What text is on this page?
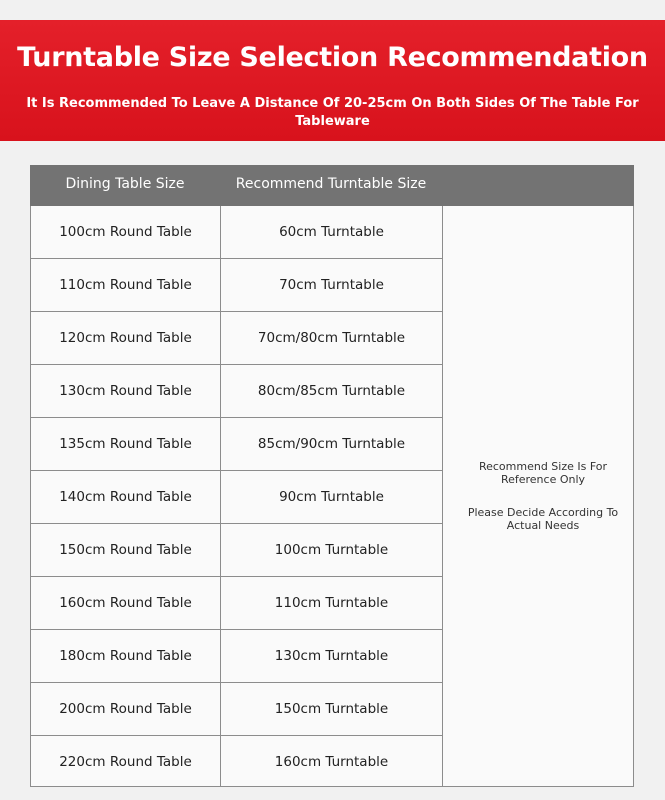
Turntable Size Selection Recommendation
It Is Recommended To Leave A Distance Of 20-25cm On Both Sides Of The Table For Tableware
Dining Table Size	Recommend Turntable Size
100cm Round Table	60cm Turntable
110cm Round Table	70cm Turntable
120cm Round Table	70cm/80cm Turntable
130cm Round Table	80cm/85cm Turntable
135cm Round Table	85cm/90cm Turntable
140cm Round Table	90cm Turntable
150cm Round Table	100cm Turntable
160cm Round Table	110cm Turntable
180cm Round Table	130cm Turntable
200cm Round Table	150cm Turntable
220cm Round Table	160cm Turntable
Recommend Size Is For Reference Only
Please Decide According To Actual Needs
